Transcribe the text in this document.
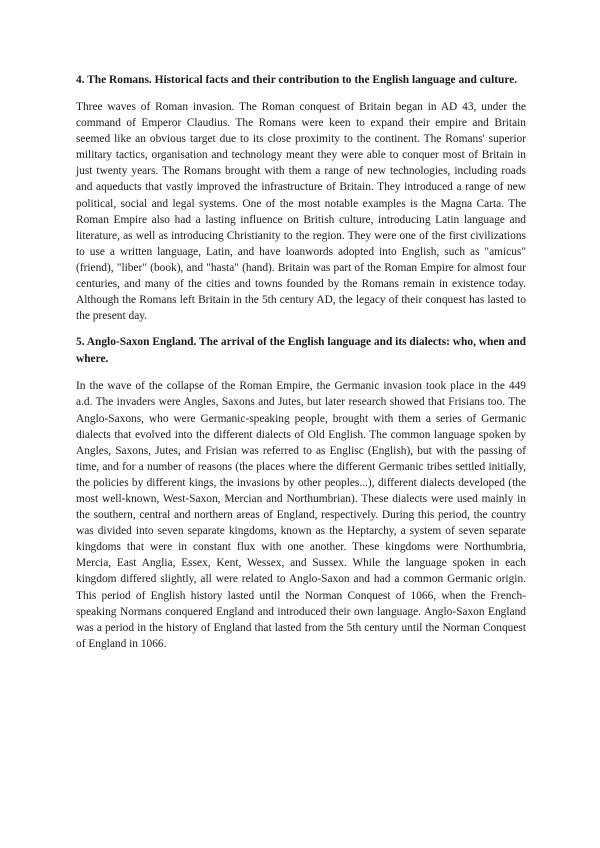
4. The Romans. Historical facts and their contribution to the English language and culture.

Three waves of Roman invasion. The Roman conquest of Britain began in AD 43, under the command of Emperor Claudius. The Romans were keen to expand their empire and Britain seemed like an obvious target due to its close proximity to the continent. The Romans' superior military tactics, organisation and technology meant they were able to conquer most of Britain in just twenty years. The Romans brought with them a range of new technologies, including roads and aqueducts that vastly improved the infrastructure of Britain. They introduced a range of new political, social and legal systems. One of the most notable examples is the Magna Carta. The Roman Empire also had a lasting influence on British culture, introducing Latin language and literature, as well as introducing Christianity to the region. They were one of the first civilizations to use a written language, Latin, and have loanwords adopted into English, such as "amicus" (friend), "liber" (book), and "hasta" (hand). Britain was part of the Roman Empire for almost four centuries, and many of the cities and towns founded by the Romans remain in existence today. Although the Romans left Britain in the 5th century AD, the legacy of their conquest has lasted to the present day.

5. Anglo-Saxon England. The arrival of the English language and its dialects: who, when and where.

In the wave of the collapse of the Roman Empire, the Germanic invasion took place in the 449 a.d. The invaders were Angles, Saxons and Jutes, but later research showed that Frisians too. The Anglo-Saxons, who were Germanic-speaking people, brought with them a series of Germanic dialects that evolved into the different dialects of Old English. The common language spoken by Angles, Saxons, Jutes, and Frisian was referred to as Englisc (English), but with the passing of time, and for a number of reasons (the places where the different Germanic tribes settled initially, the policies by different kings, the invasions by other peoples...), different dialects developed (the most well-known, West-Saxon, Mercian and Northumbrian). These dialects were used mainly in the southern, central and northern areas of England, respectively. During this period, the country was divided into seven separate kingdoms, known as the Heptarchy, a system of seven separate kingdoms that were in constant flux with one another. These kingdoms were Northumbria, Mercia, East Anglia, Essex, Kent, Wessex, and Sussex. While the language spoken in each kingdom differed slightly, all were related to Anglo-Saxon and had a common Germanic origin. This period of English history lasted until the Norman Conquest of 1066, when the French-speaking Normans conquered England and introduced their own language. Anglo-Saxon England was a period in the history of England that lasted from the 5th century until the Norman Conquest of England in 1066.
